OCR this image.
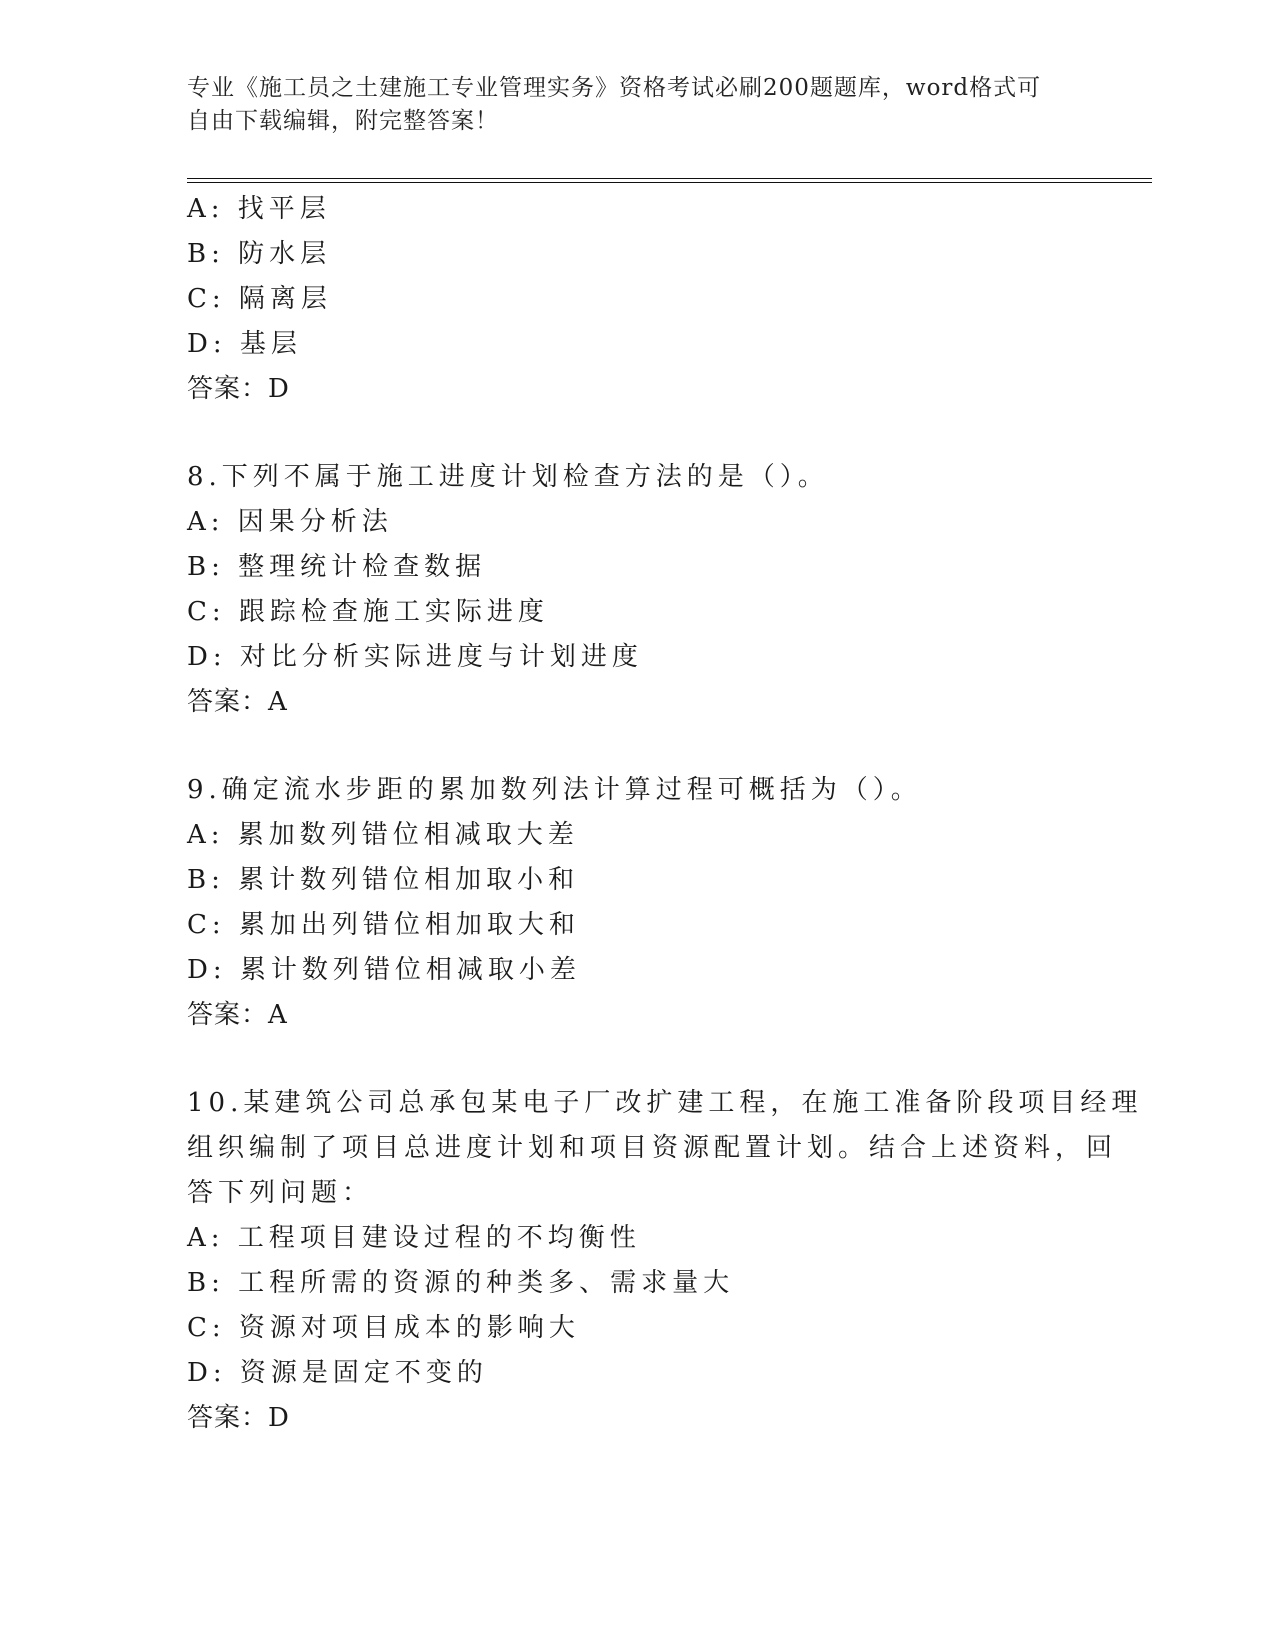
专业《施工员之土建施工专业管理实务》资格考试必刷200题题库，word格式可
自由下载编辑，附完整答案！
A: 找平层
B: 防水层
C: 隔离层
D: 基层
答案：D
8.下列不属于施工进度计划检查方法的是（）。
A: 因果分析法
B: 整理统计检查数据
C: 跟踪检查施工实际进度
D: 对比分析实际进度与计划进度
答案：A
9.确定流水步距的累加数列法计算过程可概括为（）。
A: 累加数列错位相减取大差
B: 累计数列错位相加取小和
C: 累加出列错位相加取大和
D: 累计数列错位相减取小差
答案：A
10.某建筑公司总承包某电子厂改扩建工程，在施工准备阶段项目经理
组织编制了项目总进度计划和项目资源配置计划。结合上述资料，回
答下列问题：
A: 工程项目建设过程的不均衡性
B: 工程所需的资源的种类多、需求量大
C: 资源对项目成本的影响大
D: 资源是固定不变的
答案：D
